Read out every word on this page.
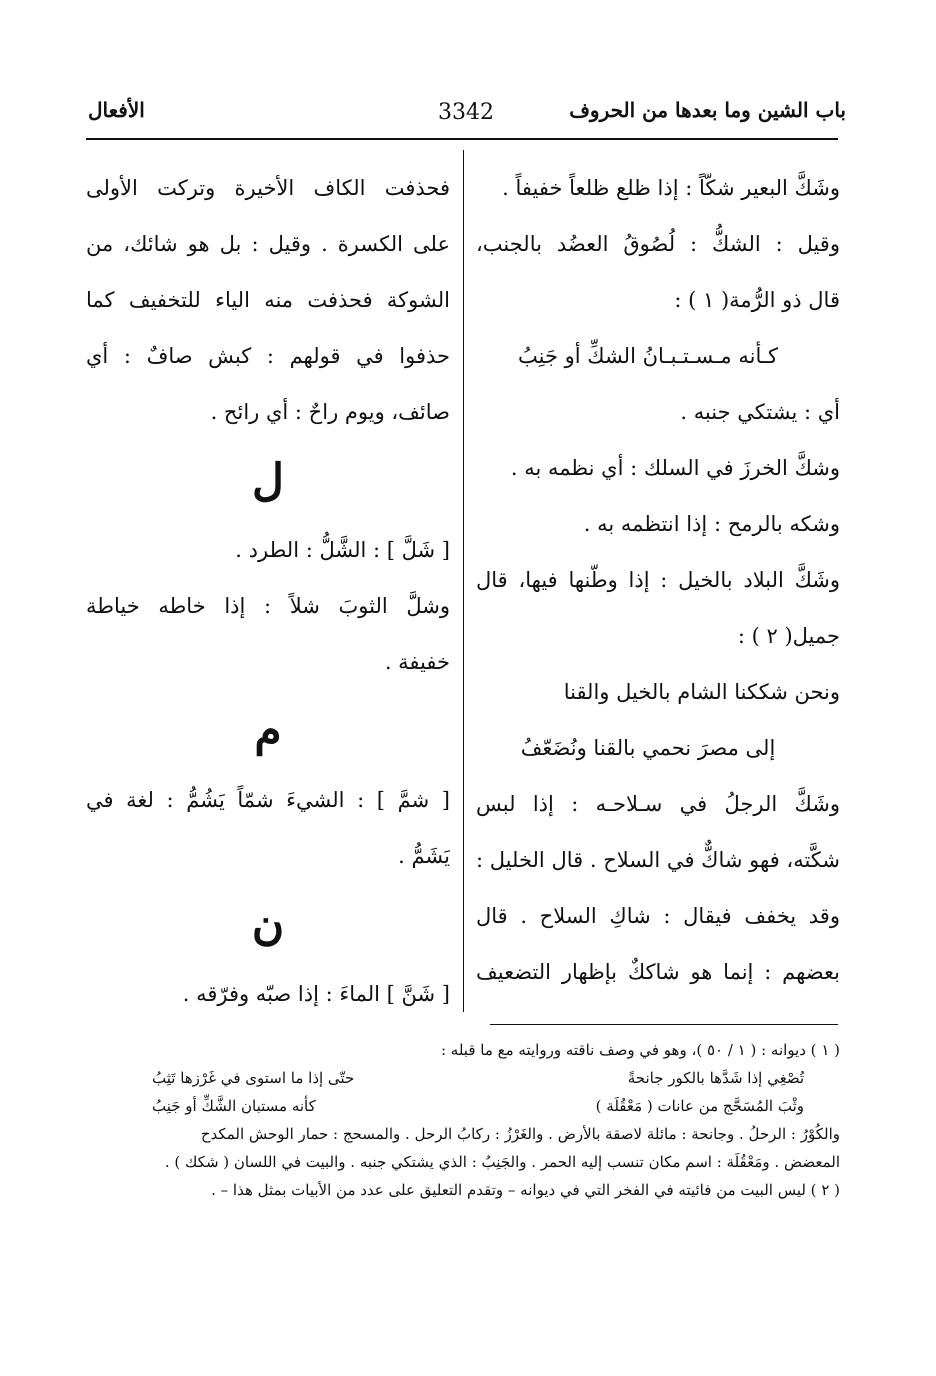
باب الشين وما بعدها من الحروف
3342
الأفعال
وشَكَّ البعير شكّاً : إذا ظلع ظلعاً خفيفاً .
وقيل : الشكُّ : لُصُوقُ العضُد بالجنب،
قال ذو الرُّمة( ١ ) :
كـأنه مـسـتـبـانُ الشكِّ أو جَنِبُ
أي : يشتكي جنبه .
وشكَّ الخرزَ في السلك : أي نظمه به .
وشكه بالرمح : إذا انتظمه به .
وشَكَّ البلاد بالخيل : إذا وطّنها فيها، قال
جميل( ٢ ) :
ونحن شككنا الشام بالخيل والقنا
إلى مصرَ نحمي بالقنا ونُضَعّفُ
وشَكَّ الرجلُ في سـلاحـه : إذا لبس
شكَّته، فهو شاكٌّ في السلاح . قال الخليل :
وقد يخفف فيقال : شاكِ السلاح . قال
بعضهم : إنما هو شاككٌ بإظهار التضعيف
فحذفت الكاف الأخيرة وتركت الأولى
على الكسرة . وقيل : بل هو شائك، من
الشوكة فحذفت منه الياء للتخفيف كما
حذفوا في قولهم : كبش صافٌ : أي
صائف، ويوم راحٌ : أي رائح .
ل
[ شَلَّ ] : الشَّلُّ : الطرد .
وشلَّ الثوبَ شلاً : إذا خاطه خياطة
خفيفة .
م
[ شمَّ ] : الشيءَ شمّاً يَشُمُّ : لغة في
يَشَمُّ .
ن
[ شَنَّ ] الماءَ : إذا صبّه وفرّقه .
( ١ ) ديوانه : ( ١ / ٥٠ )، وهو في وصف ناقته وروايته مع ما قبله :
تُصْغِي إذا شَدَّها بالكور جانحةً
حتّى إذا ما استوى في غَرْزها تَثِبُ
وثْبَ المُسَحَّج من عانات ( مَعْقُلَة )
كأنه مستبان الشَّكِّ أو جَنِبُ
والكُوْرُ : الرحلُ . وجانحة : مائلة لاصقة بالأرض . والغَرْزُ : ركابُ الرحل . والمسحج : حمار الوحش المكدح
المعضض . ومَعْقُلَة : اسم مكان تنسب إليه الحمر . والجَنِبُ : الذي يشتكي جنبه . والبيت في اللسان ( شكك ) .
( ٢ ) ليس البيت من فائيته في الفخر التي في ديوانه – وتقدم التعليق على عدد من الأبيات بمثل هذا – .
